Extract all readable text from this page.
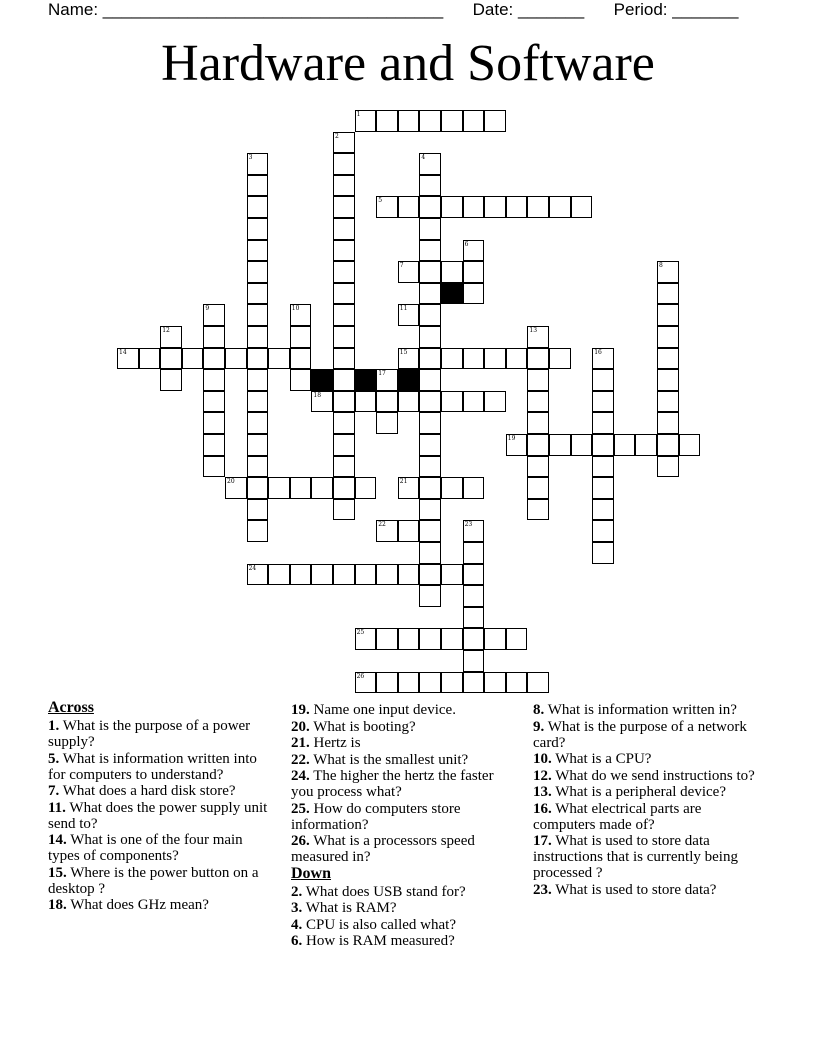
Name: ____________________________________ Date: _______ Period: _______
Hardware and Software
1
5
7
11
14	15
18
19
20	21
22
24
25
26
2
3	4
6
8
9	10
12	13
16
17
23
Across
1. What is the purpose of a power supply?
5. What is information written into for computers to understand?
7. What does a hard disk store?
11. What does the power supply unit send to?
14. What is one of the four main types of components?
15. Where is the power button on a desktop ?
18. What does GHz mean?
19. Name one input device.
20. What is booting?
21. Hertz is
22. What is the smallest unit?
24. The higher the hertz the faster you process what?
25. How do computers store information?
26. What is a processors speed measured in?
Down
2. What does USB stand for?
3. What is RAM?
4. CPU is also called what?
6. How is RAM measured?
8. What is information written in?
9. What is the purpose of a network card?
10. What is a CPU?
12. What do we send instructions to?
13. What is a peripheral device?
16. What electrical parts are computers made of?
17. What is used to store data instructions that is currently being processed ?
23. What is used to store data?
